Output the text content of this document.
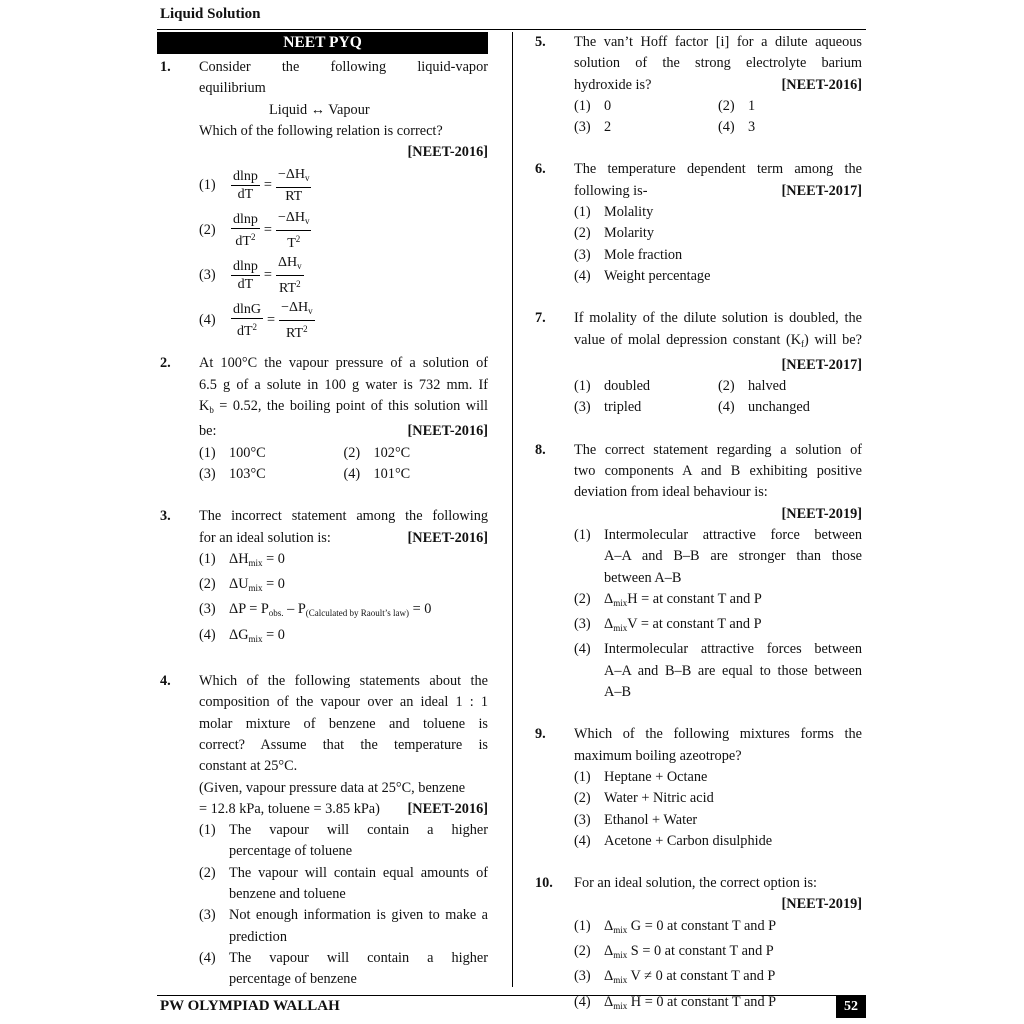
Liquid Solution
NEET PYQ
1. Consider the following liquid-vapor
equilibrium
Liquid ↔ Vapour
Which of the following relation is correct?
[NEET-2016]
(1)	$\frac{dlnp}{dT} = \frac{-\Delta H_v}{RT}$
(2)	$\frac{dlnp}{dT^2} = \frac{-\Delta H_v}{T^2}$
(3)	$\frac{dlnp}{dT} = \frac{\Delta H_v}{RT^2}$
(4)	$\frac{dlnG}{dT^2} = \frac{-\Delta H_v}{RT^2}$
2. At 100°C the vapour pressure of a solution of
6.5 g of a solute in 100 g water is 732 mm. If
$K_b = 0.52$, the boiling point of this solution will
be:	[NEET-2016]
(1) 100°C	(2) 102°C
(3) 103°C	(4) 101°C
3. The incorrect statement among the following
for an ideal solution is:	[NEET-2016]
(1) $\Delta H_{mix} = 0$
(2) $\Delta U_{mix} = 0$
(3) $\Delta P = P_{obs.} - P_{(Calculated by Raoult’s law)} = 0$
(4) $\Delta G_{mix} = 0$
4. Which of the following statements about the
composition of the vapour over an ideal 1 : 1
molar mixture of benzene and toluene is
correct? Assume that the temperature is
constant at 25°C.
(Given, vapour pressure data at 25°C, benzene
= 12.8 kPa, toluene = 3.85 kPa) [NEET-2016]
(1) The vapour will contain a higher
percentage of toluene
(2) The vapour will contain equal amounts of
benzene and toluene
(3) Not enough information is given to make a
prediction
(4) The vapour will contain a higher
percentage of benzene
5. The van’t Hoff factor [i] for a dilute aqueous
solution of the strong electrolyte barium
hydroxide is?	[NEET-2016]
(1) 0	(2) 1
(3) 2	(4) 3
6. The temperature dependent term among the
following is-	[NEET-2017]
(1) Molality
(2) Molarity
(3) Mole fraction
(4) Weight percentage
7. If molality of the dilute solution is doubled, the
value of molal depression constant $(K_f)$ will be?
[NEET-2017]
(1) doubled	(2) halved
(3) tripled	(4) unchanged
8. The correct statement regarding a solution of
two components A and B exhibiting positive
deviation from ideal behaviour is:
[NEET-2019]
(1) Intermolecular attractive force between
A–A and B–B are stronger than those
between A–B
(2) $\Delta_{mix}H$ = at constant T and P
(3) $\Delta_{mix}V$ = at constant T and P
(4) Intermolecular attractive forces between
A–A and B–B are equal to those between
A–B
9. Which of the following mixtures forms the
maximum boiling azeotrope?
(1) Heptane + Octane
(2) Water + Nitric acid
(3) Ethanol + Water
(4) Acetone + Carbon disulphide
10. For an ideal solution, the correct option is:
[NEET-2019]
(1) $\Delta_{mix}$ G = 0 at constant T and P
(2) $\Delta_{mix}$ S = 0 at constant T and P
(3) $\Delta_{mix}$ V ≠ 0 at constant T and P
(4) $\Delta_{mix}$ H = 0 at constant T and P
PW OLYMPIAD WALLAH	52
